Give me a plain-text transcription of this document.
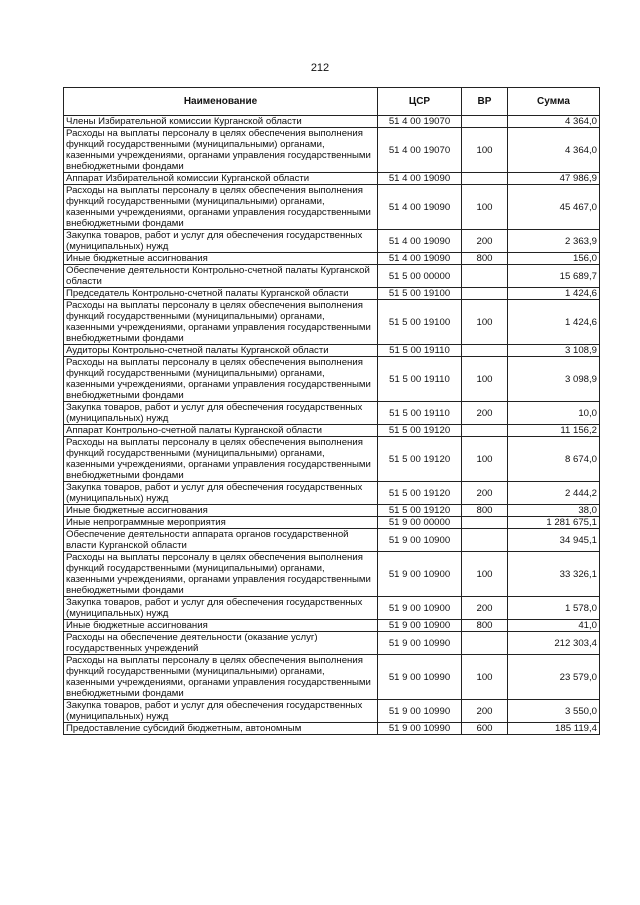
212
Наименование	ЦСР	ВР	Сумма
Члены Избирательной комиссии Курганской области	51 4 00 19070		4 364,0
Расходы на выплаты персоналу в целях обеспечения выполнения функций государственными (муниципальными) органами, казенными учреждениями, органами управления государственными внебюджетными фондами	51 4 00 19070	100	4 364,0
Аппарат Избирательной комиссии Курганской области	51 4 00 19090		47 986,9
Расходы на выплаты персоналу в целях обеспечения выполнения функций государственными (муниципальными) органами, казенными учреждениями, органами управления государственными внебюджетными фондами	51 4 00 19090	100	45 467,0
Закупка товаров, работ и услуг для обеспечения государственных (муниципальных) нужд	51 4 00 19090	200	2 363,9
Иные бюджетные ассигнования	51 4 00 19090	800	156,0
Обеспечение деятельности Контрольно-счетной палаты Курганской области	51 5 00 00000		15 689,7
Председатель Контрольно-счетной палаты Курганской области	51 5 00 19100		1 424,6
Расходы на выплаты персоналу в целях обеспечения выполнения функций государственными (муниципальными) органами, казенными учреждениями, органами управления государственными внебюджетными фондами	51 5 00 19100	100	1 424,6
Аудиторы Контрольно-счетной палаты Курганской области	51 5 00 19110		3 108,9
Расходы на выплаты персоналу в целях обеспечения выполнения функций государственными (муниципальными) органами, казенными учреждениями, органами управления государственными внебюджетными фондами	51 5 00 19110	100	3 098,9
Закупка товаров, работ и услуг для обеспечения государственных (муниципальных) нужд	51 5 00 19110	200	10,0
Аппарат Контрольно-счетной палаты Курганской области	51 5 00 19120		11 156,2
Расходы на выплаты персоналу в целях обеспечения выполнения функций государственными (муниципальными) органами, казенными учреждениями, органами управления государственными внебюджетными фондами	51 5 00 19120	100	8 674,0
Закупка товаров, работ и услуг для обеспечения государственных (муниципальных) нужд	51 5 00 19120	200	2 444,2
Иные бюджетные ассигнования	51 5 00 19120	800	38,0
Иные непрограммные мероприятия	51 9 00 00000		1 281 675,1
Обеспечение деятельности аппарата органов государственной власти Курганской области	51 9 00 10900		34 945,1
Расходы на выплаты персоналу в целях обеспечения выполнения функций государственными (муниципальными) органами, казенными учреждениями, органами управления государственными внебюджетными фондами	51 9 00 10900	100	33 326,1
Закупка товаров, работ и услуг для обеспечения государственных (муниципальных) нужд	51 9 00 10900	200	1 578,0
Иные бюджетные ассигнования	51 9 00 10900	800	41,0
Расходы на обеспечение деятельности (оказание услуг) государственных учреждений	51 9 00 10990		212 303,4
Расходы на выплаты персоналу в целях обеспечения выполнения функций государственными (муниципальными) органами, казенными учреждениями, органами управления государственными внебюджетными фондами	51 9 00 10990	100	23 579,0
Закупка товаров, работ и услуг для обеспечения государственных (муниципальных) нужд	51 9 00 10990	200	3 550,0
Предоставление субсидий бюджетным, автономным	51 9 00 10990	600	185 119,4
